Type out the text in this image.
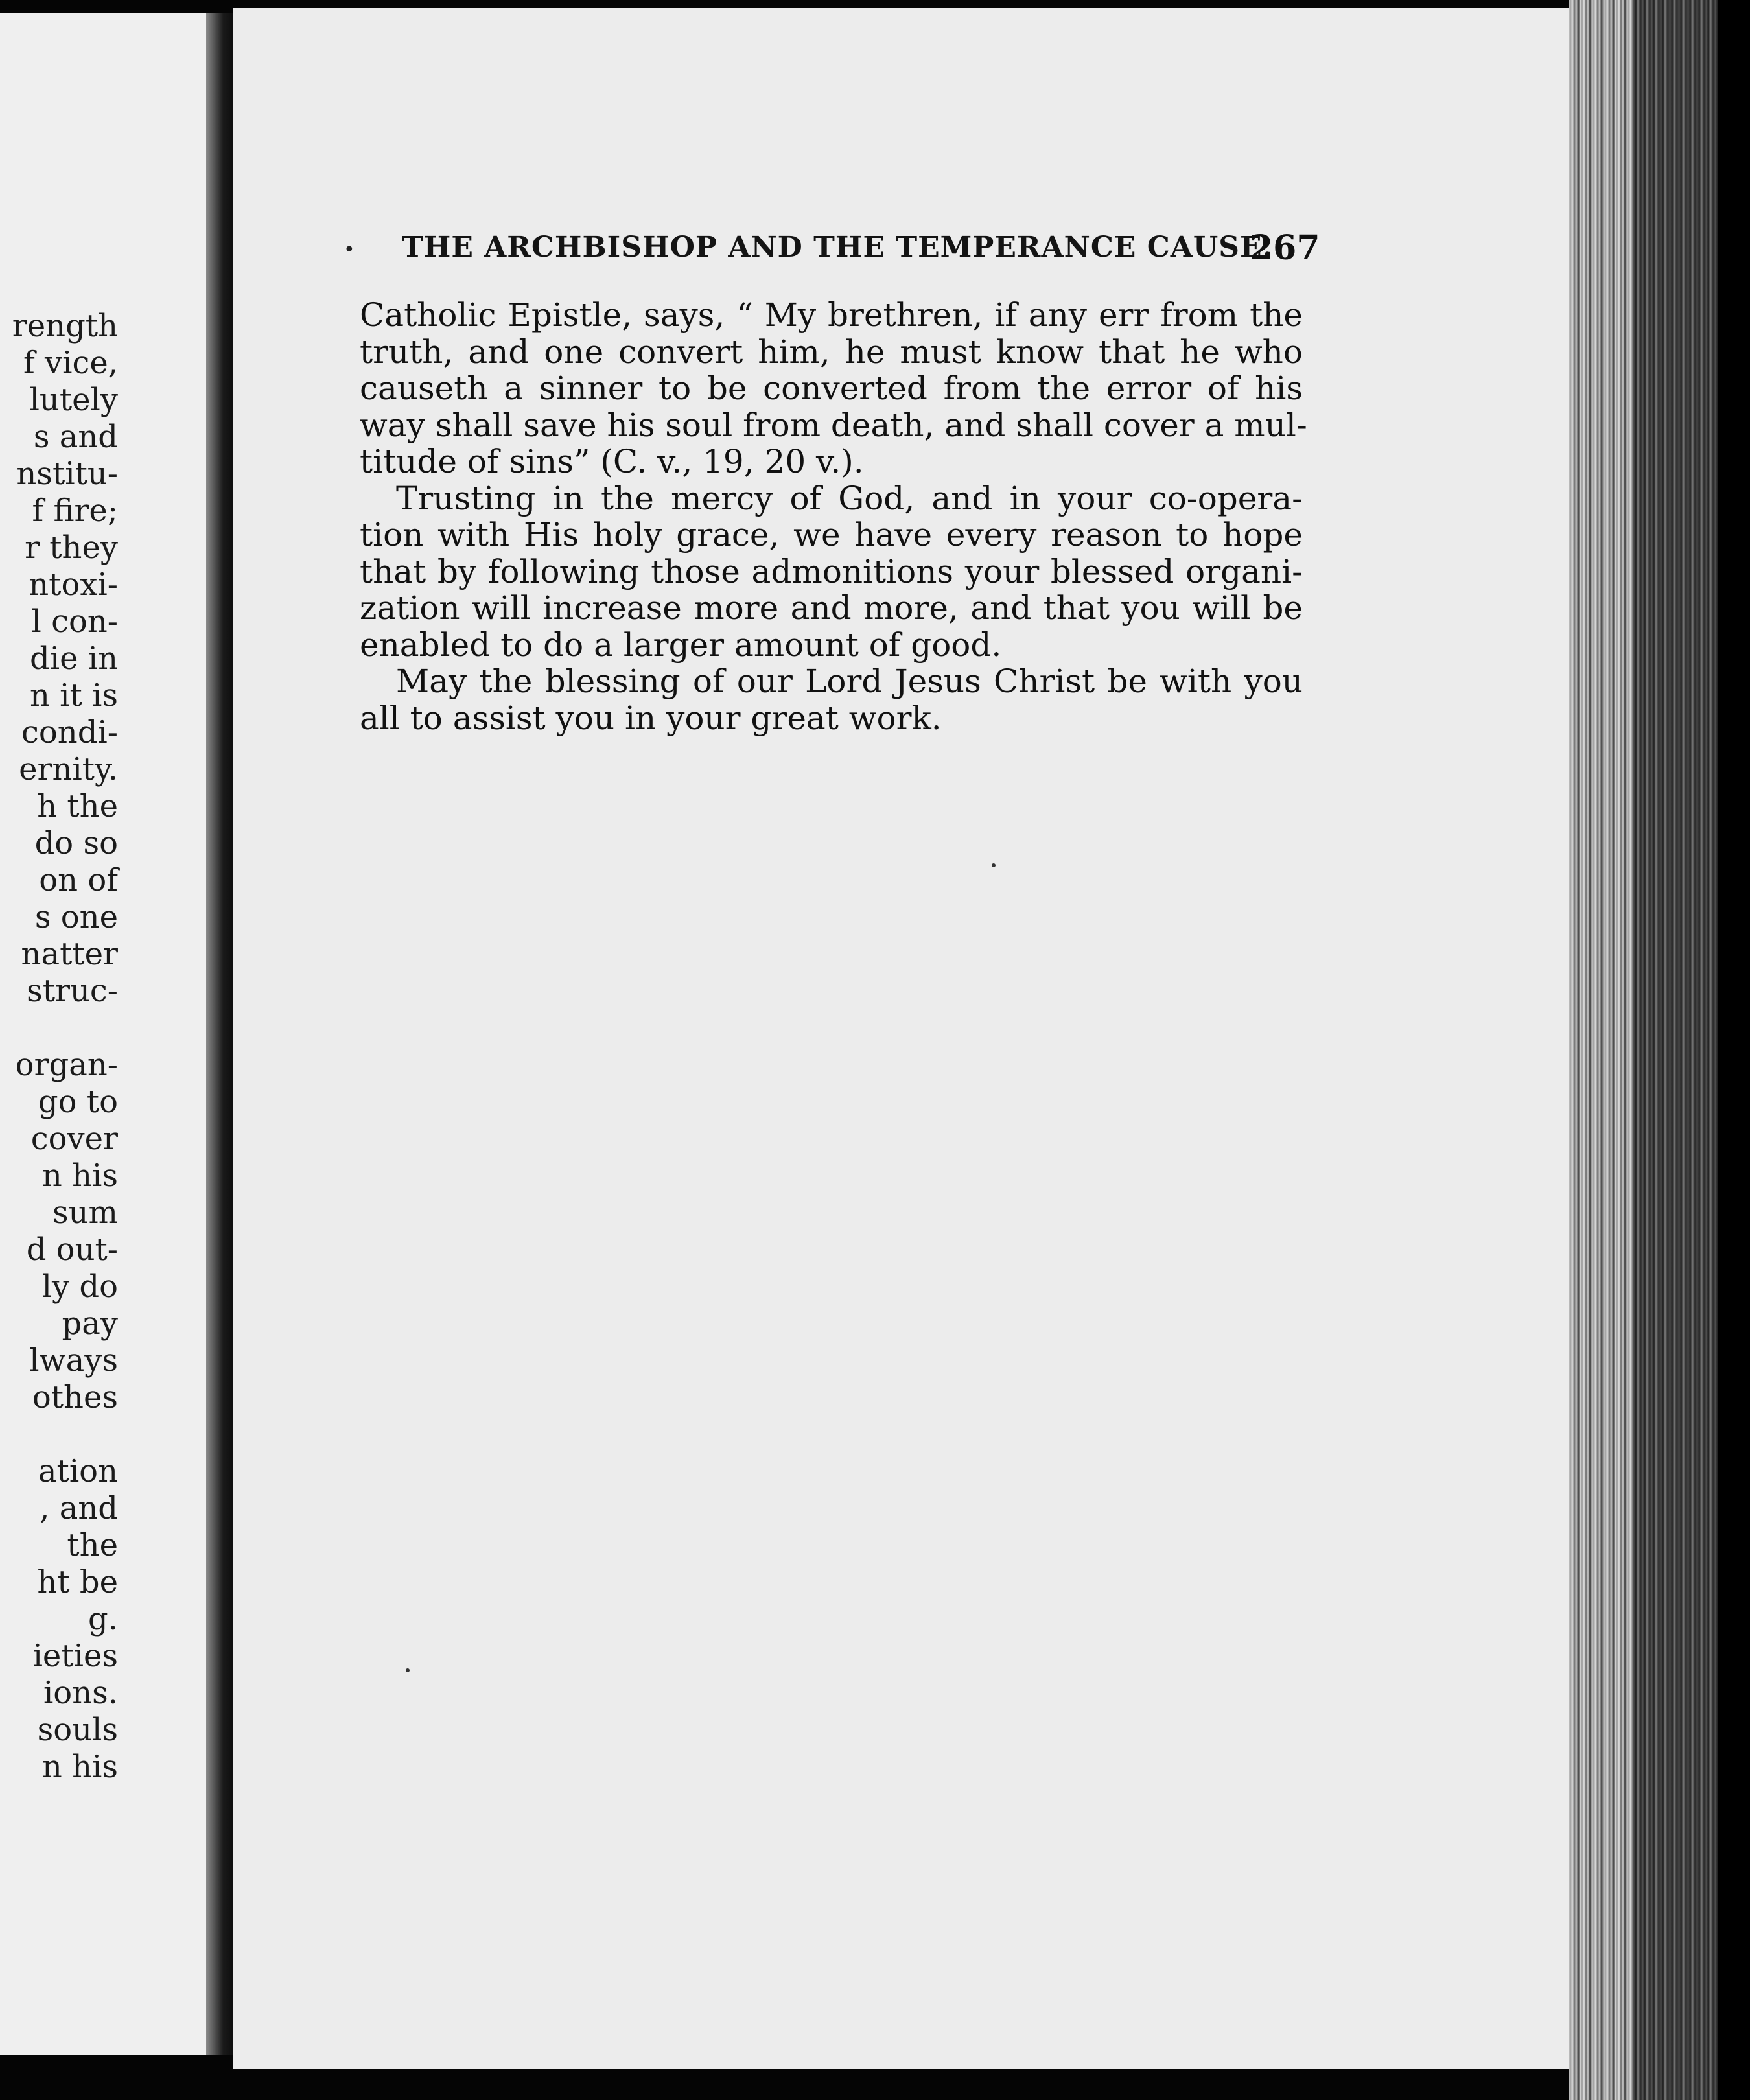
rength
f vice,
lutely
s and
nstitu-
f fire;
r they
ntoxi-
l con-
die in
n it is
condi-
ernity.
h the
do so
on of
s one
natter
struc-

organ-
go to
cover
n his
sum
d out-
ly do
pay
lways
othes

ation
, and
the
ht be
g.
ieties
ions.
souls
n his
• THE ARCHBISHOP AND THE TEMPERANCE CAUSE.
267
Catholic Epistle, says, “ My brethren, if any err from the
truth, and one convert him, he must know that he who
causeth a sinner to be converted from the error of his
way shall save his soul from death, and shall cover a mul-
titude of sins” (C. v., 19, 20 v.).
Trusting in the mercy of God, and in your co-opera-
tion with His holy grace, we have every reason to hope
that by following those admonitions your blessed organi-
zation will increase more and more, and that you will be
enabled to do a larger amount of good.
May the blessing of our Lord Jesus Christ be with you
all to assist you in your great work.
